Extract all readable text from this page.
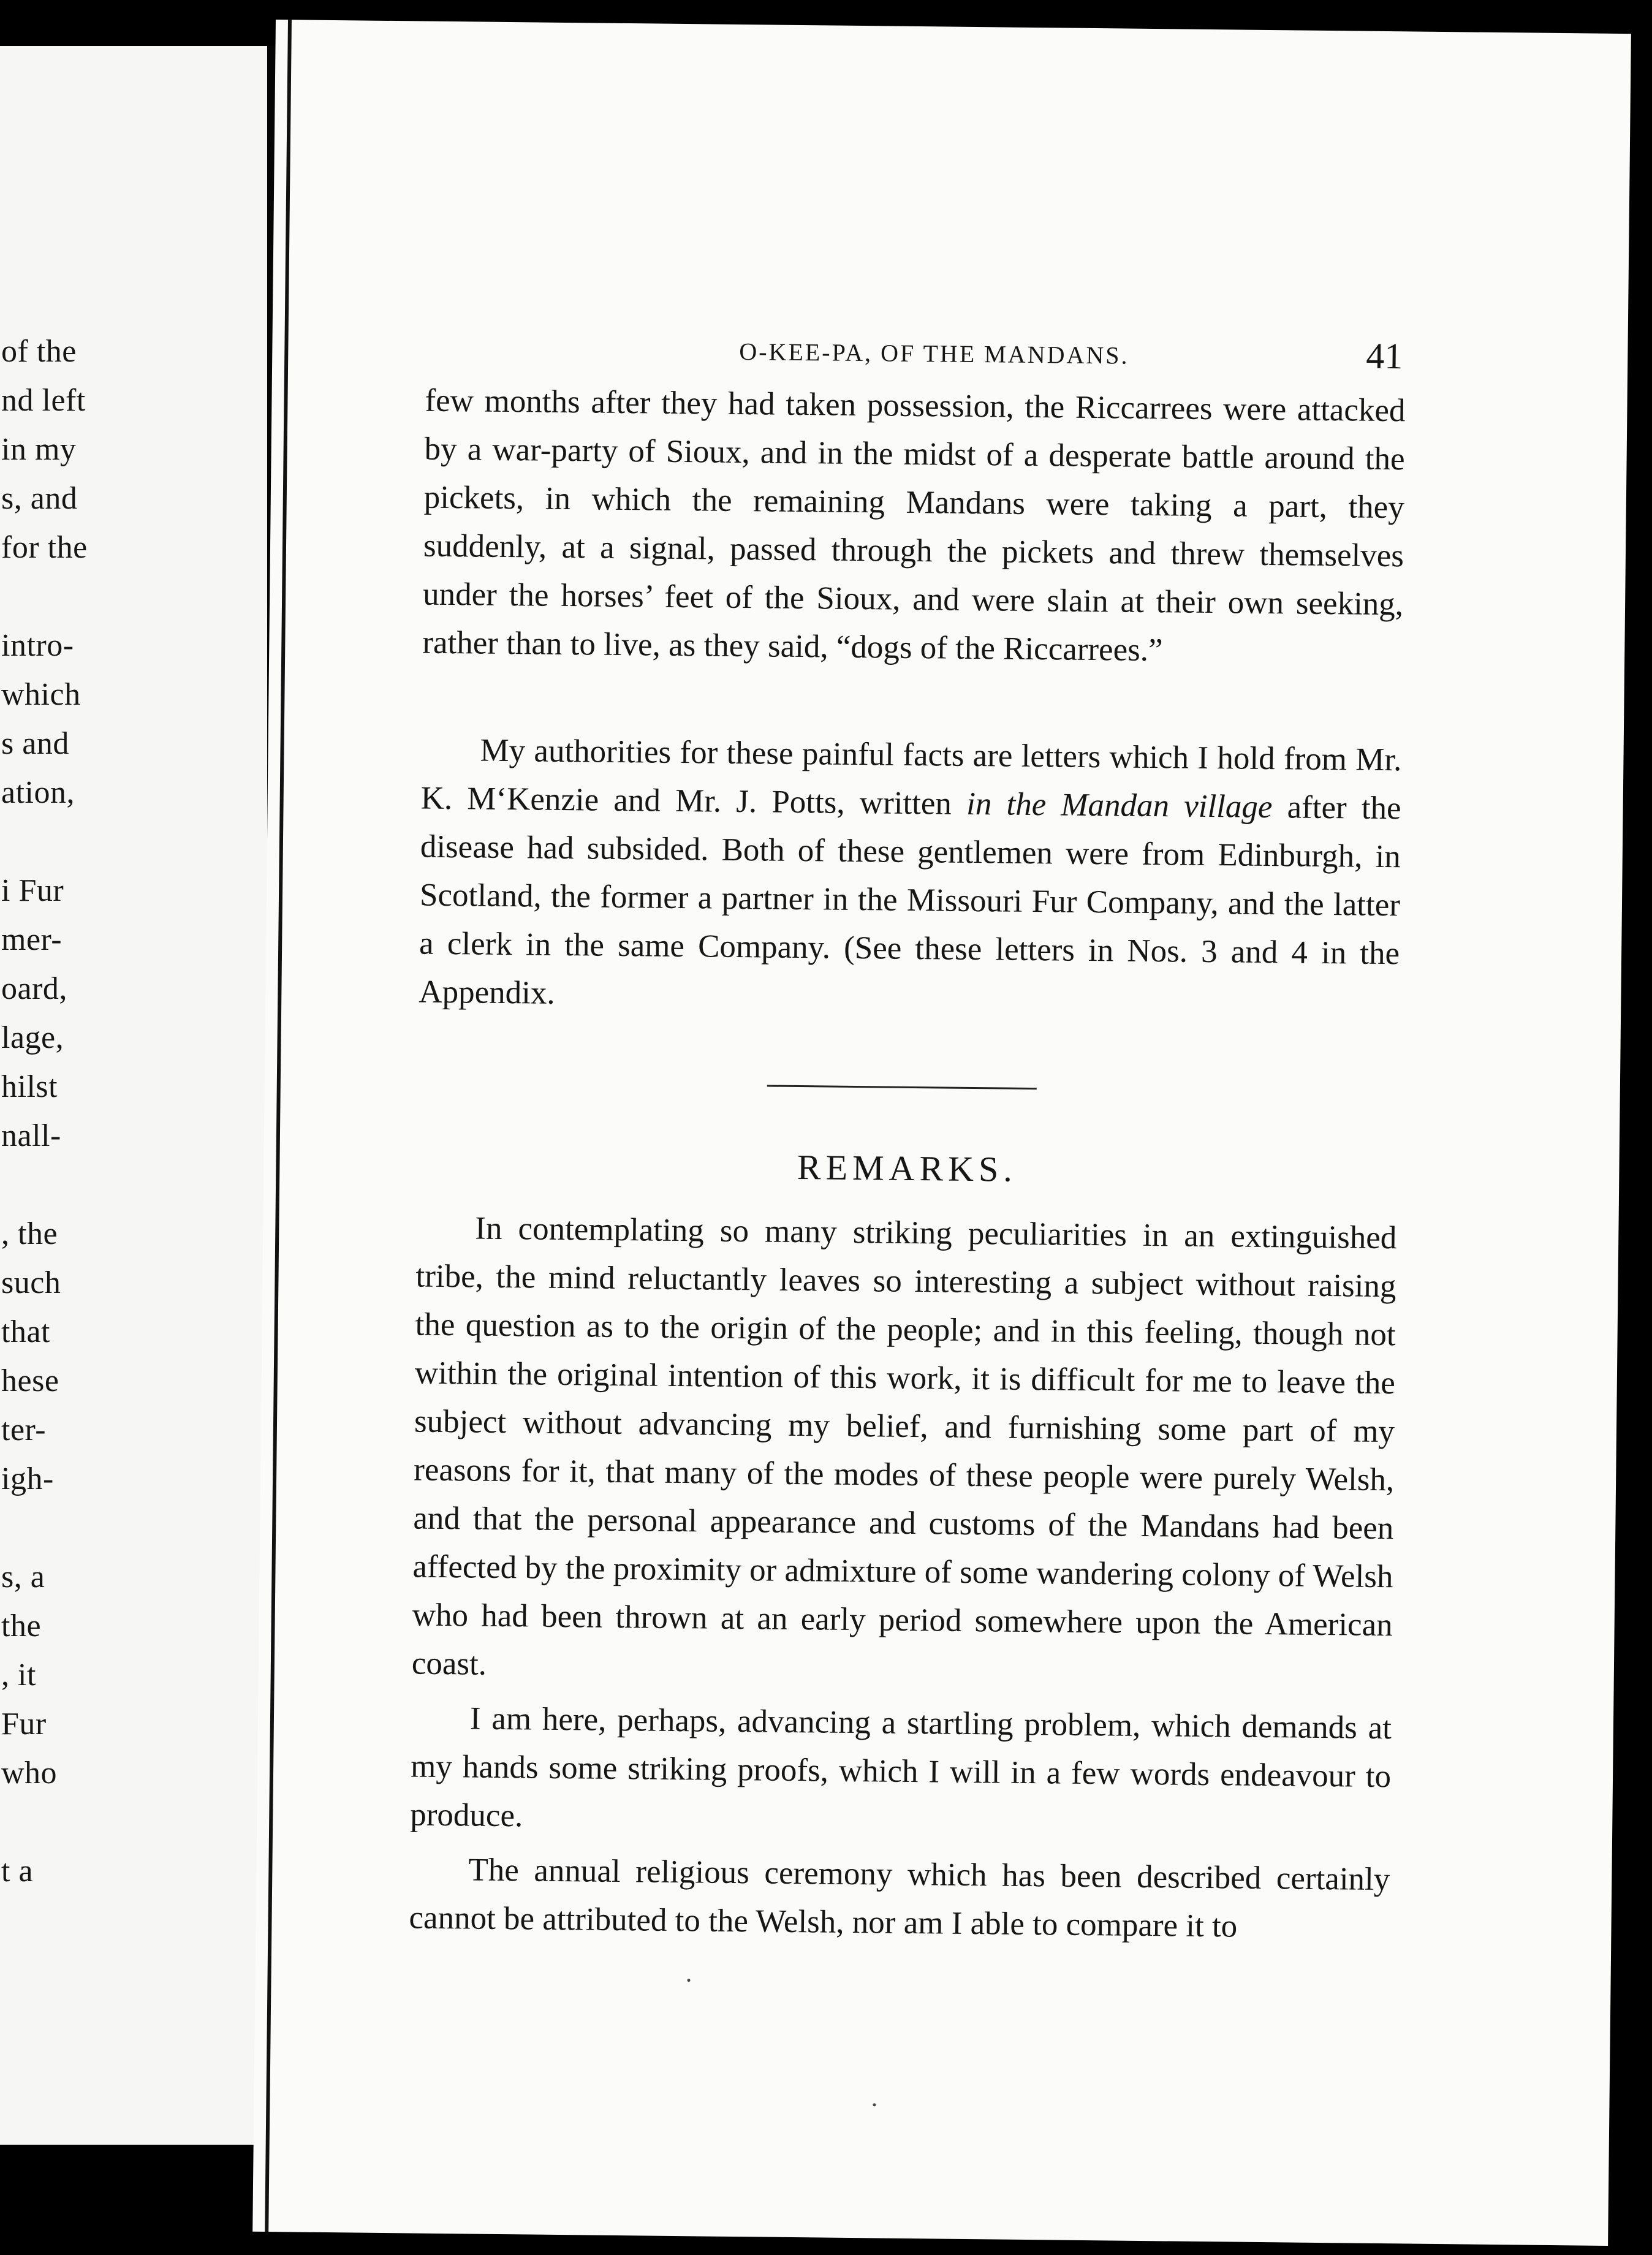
of the
nd left
in my
s, and
for the
intro-
which
s and
ation,
i Fur
mer-
oard,
lage,
hilst
nall-
, the
such
that
hese
ter-
igh-
s, a
the
, it
Fur
who
t a
O-KEE-PA, OF THE MANDANS.	41

few months after they had taken possession, the Riccarrees were attacked by a war-party of Sioux, and in the midst of a desperate battle around the pickets, in which the remaining Mandans were taking a part, they suddenly, at a signal, passed through the pickets and threw themselves under the horses’ feet of the Sioux, and were slain at their own seeking, rather than to live, as they said, “dogs of the Riccarrees.”

My authorities for these painful facts are letters which I hold from Mr. K. M‘Kenzie and Mr. J. Potts, written in the Mandan village after the disease had subsided. Both of these gentlemen were from Edinburgh, in Scotland, the former a partner in the Missouri Fur Company, and the latter a clerk in the same Company. (See these letters in Nos. 3 and 4 in the Appendix.

REMARKS.

In contemplating so many striking peculiarities in an extinguished tribe, the mind reluctantly leaves so interesting a subject without raising the question as to the origin of the people; and in this feeling, though not within the original intention of this work, it is difficult for me to leave the subject without advancing my belief, and furnishing some part of my reasons for it, that many of the modes of these people were purely Welsh, and that the personal appearance and customs of the Mandans had been affected by the proximity or admixture of some wandering colony of Welsh who had been thrown at an early period somewhere upon the American coast.

I am here, perhaps, advancing a startling problem, which demands at my hands some striking proofs, which I will in a few words endeavour to produce.

The annual religious ceremony which has been described certainly cannot be attributed to the Welsh, nor am I able to compare it to
